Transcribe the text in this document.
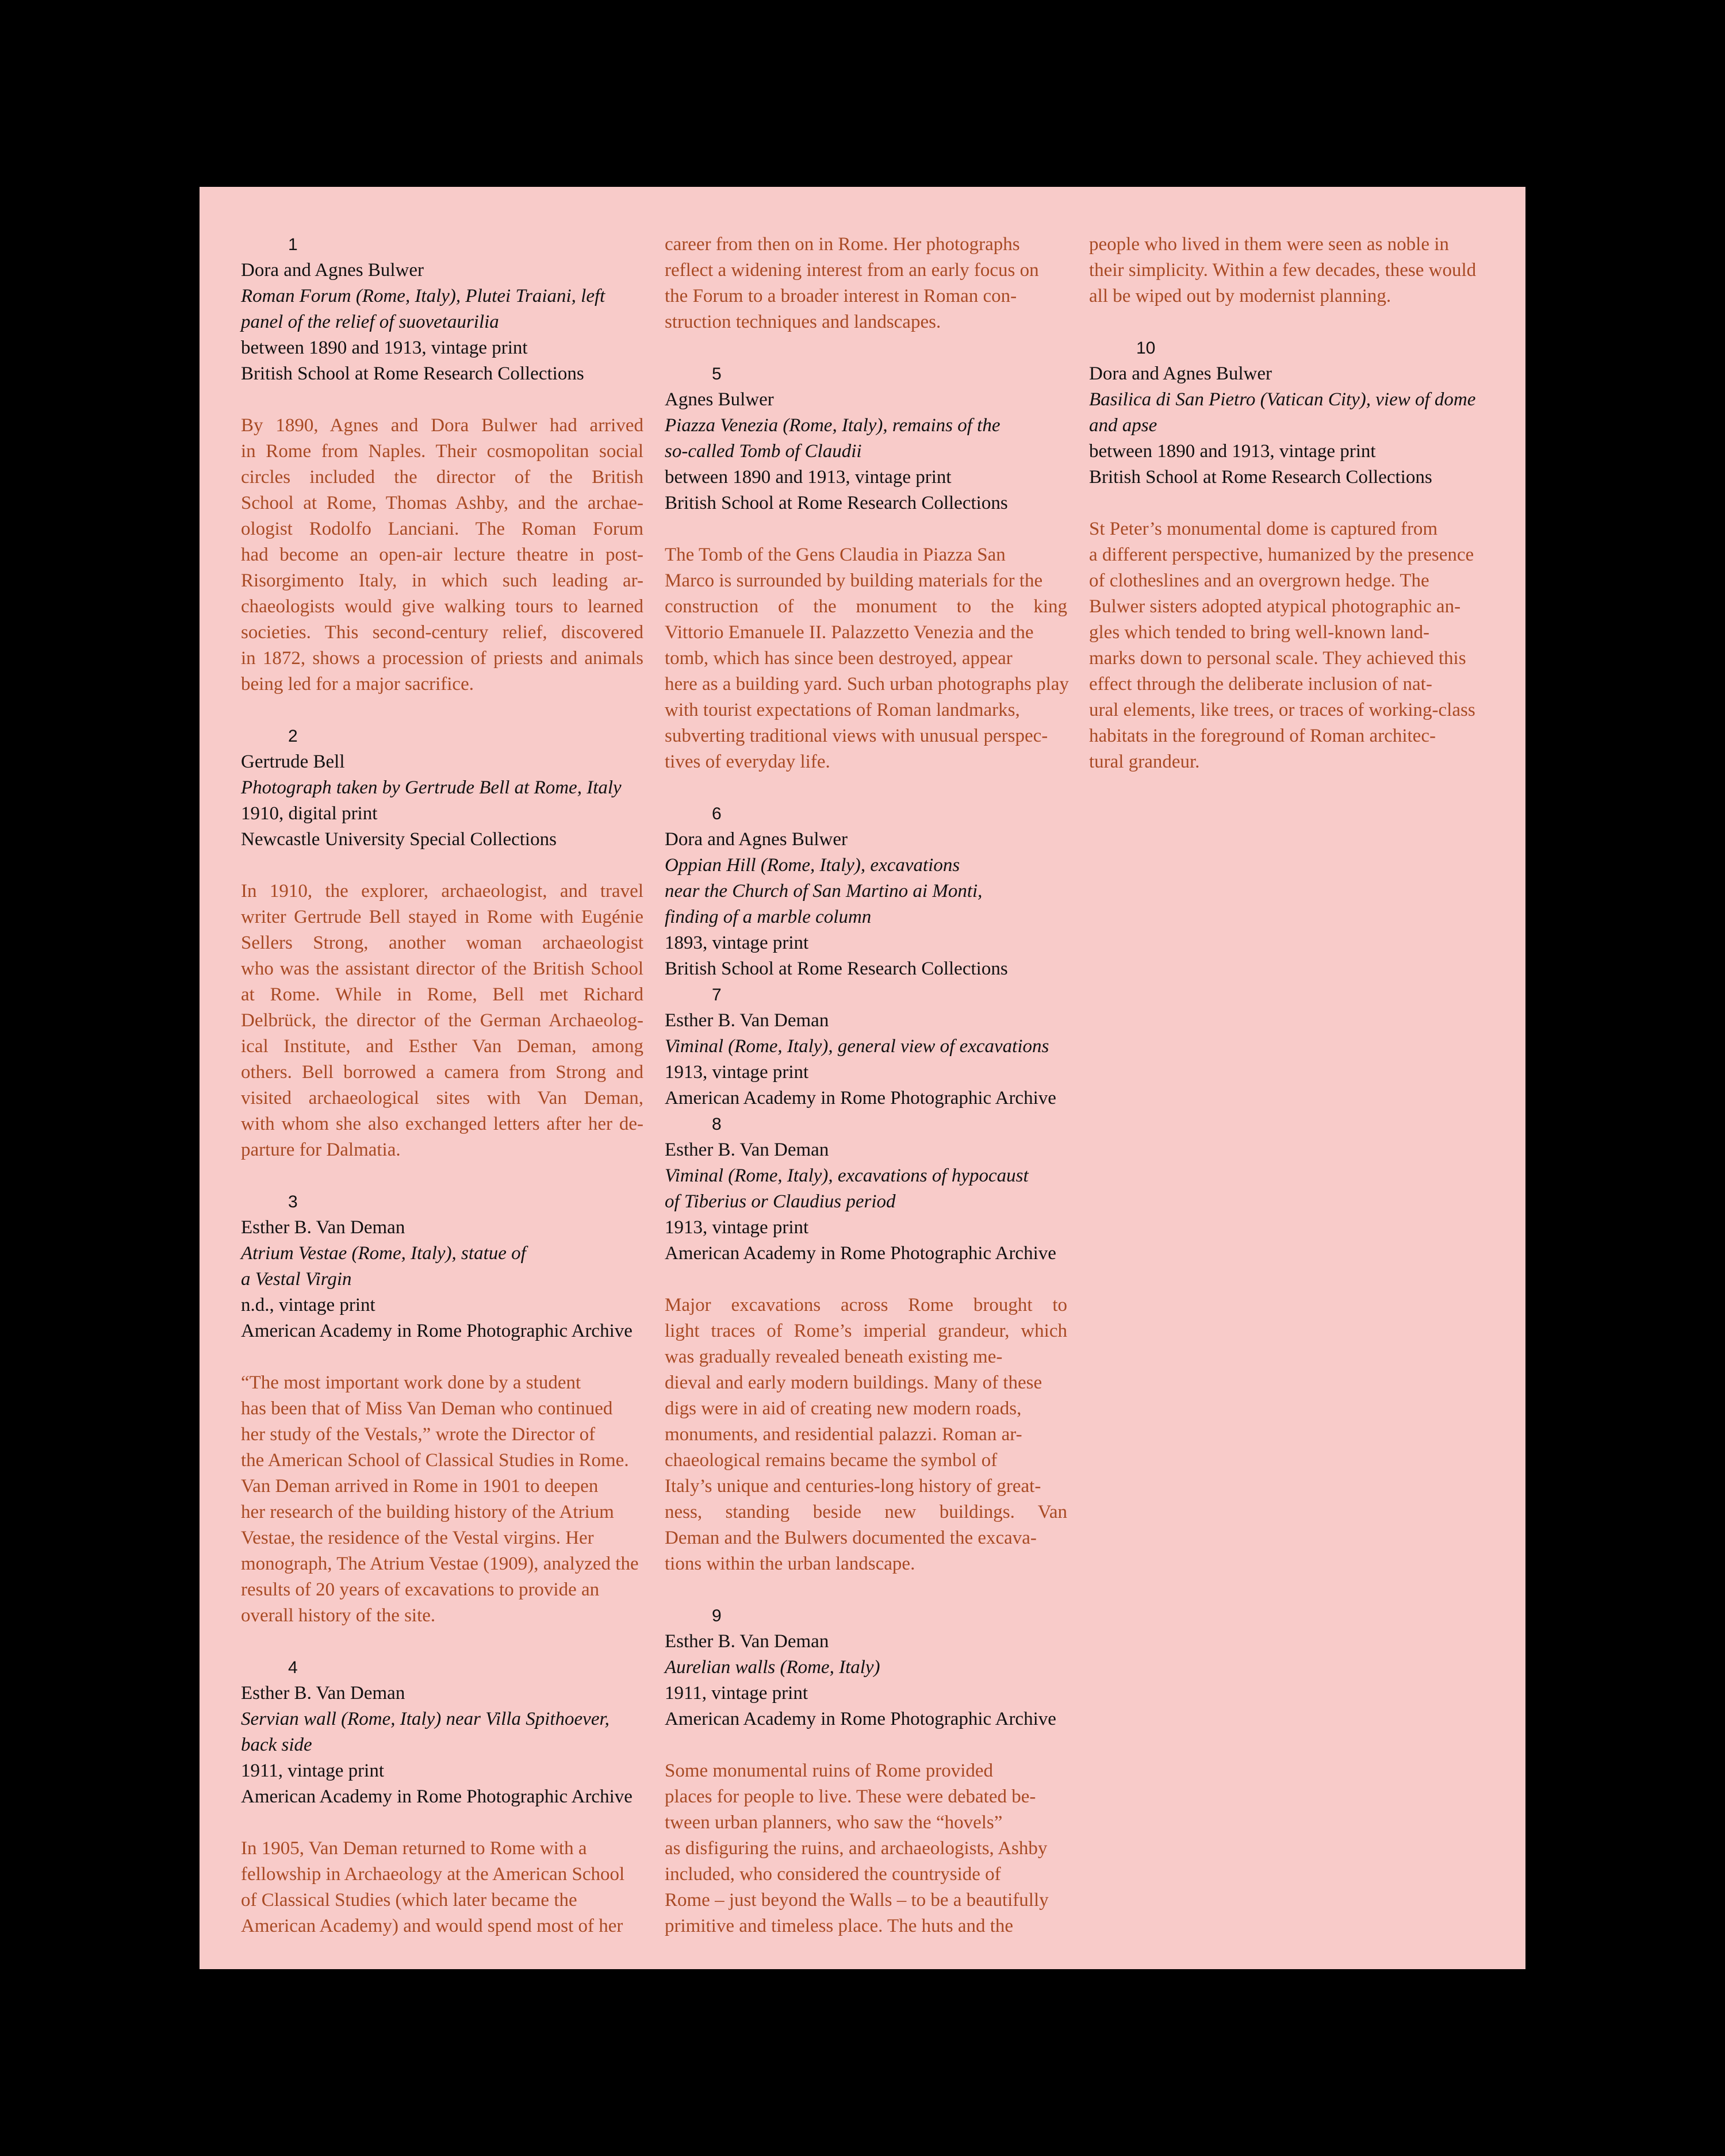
1
Dora and Agnes Bulwer
Roman Forum (Rome, Italy), Plutei Traiani, left
panel of the relief of suovetaurilia
between 1890 and 1913, vintage print
British School at Rome Research Collections
By 1890, Agnes and Dora Bulwer had arrived
in Rome from Naples. Their cosmopolitan social
circles included the director of the British
School at Rome, Thomas Ashby, and the archae-
ologist Rodolfo Lanciani. The Roman Forum
had become an open-air lecture theatre in post-
Risorgimento Italy, in which such leading ar-
chaeologists would give walking tours to learned
societies. This second-century relief, discovered
in 1872, shows a procession of priests and animals
being led for a major sacrifice.
2
Gertrude Bell
Photograph taken by Gertrude Bell at Rome, Italy
1910, digital print
Newcastle University Special Collections
In 1910, the explorer, archaeologist, and travel
writer Gertrude Bell stayed in Rome with Eugénie
Sellers Strong, another woman archaeologist
who was the assistant director of the British School
at Rome. While in Rome, Bell met Richard
Delbrück, the director of the German Archaeolog-
ical Institute, and Esther Van Deman, among
others. Bell borrowed a camera from Strong and
visited archaeological sites with Van Deman,
with whom she also exchanged letters after her de-
parture for Dalmatia.
3
Esther B. Van Deman
Atrium Vestae (Rome, Italy), statue of
a Vestal Virgin
n.d., vintage print
American Academy in Rome Photographic Archive
“The most important work done by a student
has been that of Miss Van Deman who continued
her study of the Vestals,” wrote the Director of
the American School of Classical Studies in Rome.
Van Deman arrived in Rome in 1901 to deepen
her research of the building history of the Atrium
Vestae, the residence of the Vestal virgins. Her
monograph, The Atrium Vestae (1909), analyzed the
results of 20 years of excavations to provide an
overall history of the site.
4
Esther B. Van Deman
Servian wall (Rome, Italy) near Villa Spithoever,
back side
1911, vintage print
American Academy in Rome Photographic Archive
In 1905, Van Deman returned to Rome with a
fellowship in Archaeology at the American School
of Classical Studies (which later became the
American Academy) and would spend most of her
career from then on in Rome. Her photographs
reflect a widening interest from an early focus on
the Forum to a broader interest in Roman con-
struction techniques and landscapes.
5
Agnes Bulwer
Piazza Venezia (Rome, Italy), remains of the
so-called Tomb of Claudii
between 1890 and 1913, vintage print
British School at Rome Research Collections
The Tomb of the Gens Claudia in Piazza San
Marco is surrounded by building materials for the
construction of the monument to the king
Vittorio Emanuele II. Palazzetto Venezia and the
tomb, which has since been destroyed, appear
here as a building yard. Such urban photographs play
with tourist expectations of Roman landmarks,
subverting traditional views with unusual perspec-
tives of everyday life.
6
Dora and Agnes Bulwer
Oppian Hill (Rome, Italy), excavations
near the Church of San Martino ai Monti,
finding of a marble column
1893, vintage print
British School at Rome Research Collections
7
Esther B. Van Deman
Viminal (Rome, Italy), general view of excavations
1913, vintage print
American Academy in Rome Photographic Archive
8
Esther B. Van Deman
Viminal (Rome, Italy), excavations of hypocaust
of Tiberius or Claudius period
1913, vintage print
American Academy in Rome Photographic Archive
Major excavations across Rome brought to
light traces of Rome’s imperial grandeur, which
was gradually revealed beneath existing me-
dieval and early modern buildings. Many of these
digs were in aid of creating new modern roads,
monuments, and residential palazzi. Roman ar-
chaeological remains became the symbol of
Italy’s unique and centuries-long history of great-
ness, standing beside new buildings. Van
Deman and the Bulwers documented the excava-
tions within the urban landscape.
9
Esther B. Van Deman
Aurelian walls (Rome, Italy)
1911, vintage print
American Academy in Rome Photographic Archive
Some monumental ruins of Rome provided
places for people to live. These were debated be-
tween urban planners, who saw the “hovels”
as disfiguring the ruins, and archaeologists, Ashby
included, who considered the countryside of
Rome – just beyond the Walls – to be a beautifully
primitive and timeless place. The huts and the
people who lived in them were seen as noble in
their simplicity. Within a few decades, these would
all be wiped out by modernist planning.
10
Dora and Agnes Bulwer
Basilica di San Pietro (Vatican City), view of dome
and apse
between 1890 and 1913, vintage print
British School at Rome Research Collections
St Peter’s monumental dome is captured from
a different perspective, humanized by the presence
of clotheslines and an overgrown hedge. The
Bulwer sisters adopted atypical photographic an-
gles which tended to bring well-known land-
marks down to personal scale. They achieved this
effect through the deliberate inclusion of nat-
ural elements, like trees, or traces of working-class
habitats in the foreground of Roman architec-
tural grandeur.
